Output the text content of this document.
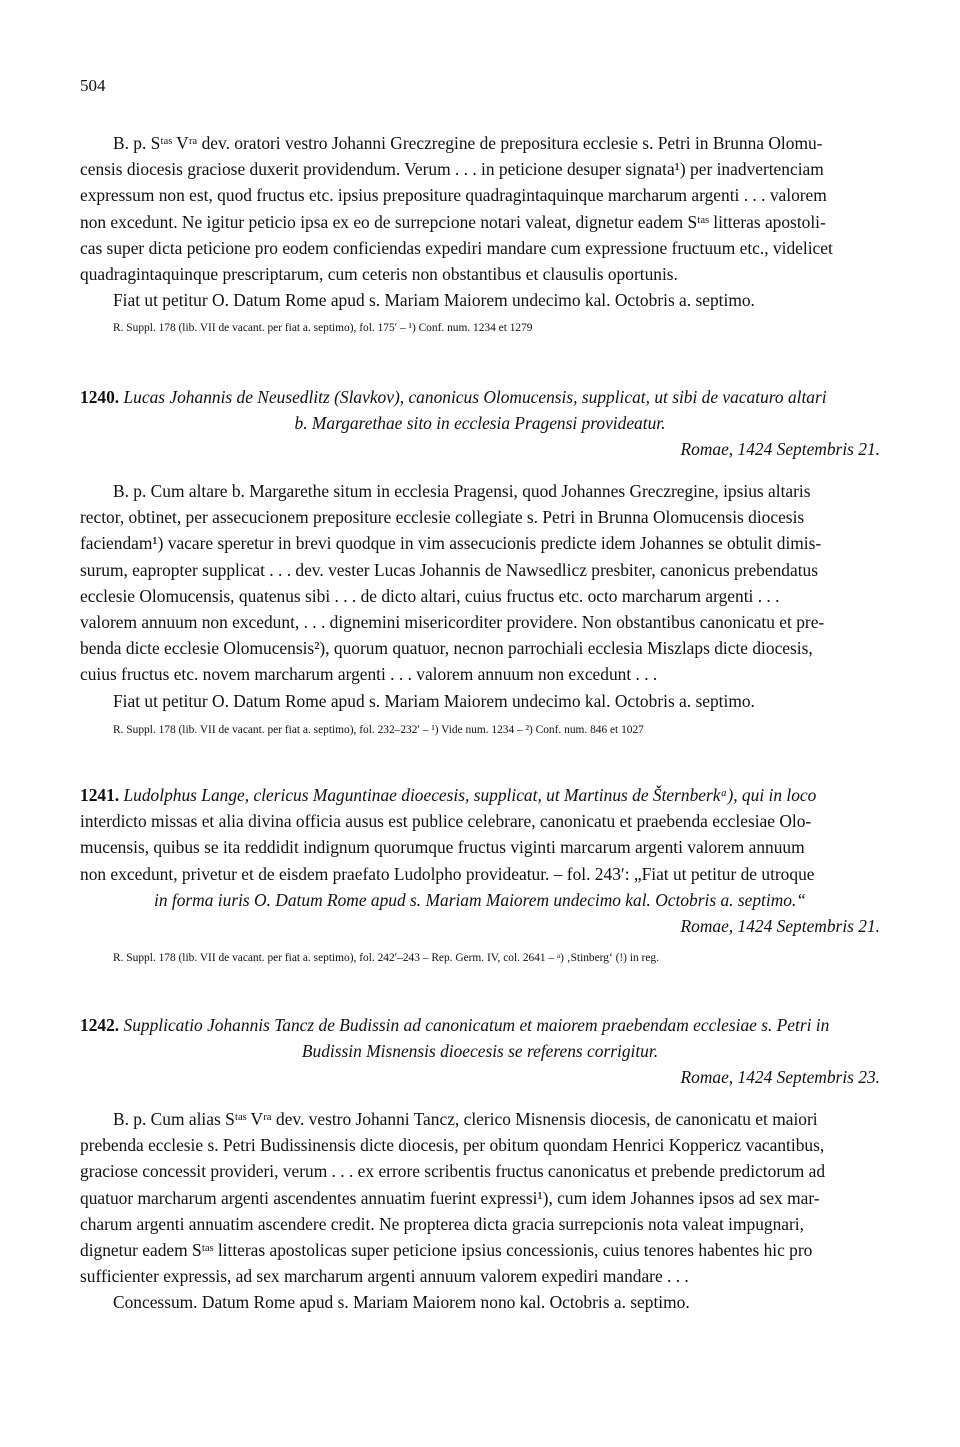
504

B. p. Sᵗᵃˢ Vʳᵃ dev. oratori vestro Johanni Greczregine de prepositura ecclesie s. Petri in Brunna Olomu-

censis diocesis graciose duxerit providendum. Verum . . . in peticione desuper signata¹) per inadvertenciam

expressum non est, quod fructus etc. ipsius prepositure quadragintaquinque marcharum argenti . . . valorem

non excedunt. Ne igitur peticio ipsa ex eo de surrepcione notari valeat, dignetur eadem Sᵗᵃˢ litteras apostoli-

cas super dicta peticione pro eodem conficiendas expediri mandare cum expressione fructuum etc., videlicet

quadragintaquinque prescriptarum, cum ceteris non obstantibus et clausulis oportunis.

Fiat ut petitur O. Datum Rome apud s. Mariam Maiorem undecimo kal. Octobris a. septimo.

R. Suppl. 178 (lib. VII de vacant. per fiat a. septimo), fol. 175ʹ – ¹) Conf. num. 1234 et 1279

1240. Lucas Johannis de Neusedlitz (Slavkov), canonicus Olomucensis, supplicat, ut sibi de vacaturo altari

b. Margarethae sito in ecclesia Pragensi provideatur.

Romae, 1424 Septembris 21.

B. p. Cum altare b. Margarethe situm in ecclesia Pragensi, quod Johannes Greczregine, ipsius altaris

rector, obtinet, per assecucionem prepositure ecclesie collegiate s. Petri in Brunna Olomucensis diocesis

faciendam¹) vacare speretur in brevi quodque in vim assecucionis predicte idem Johannes se obtulit dimis-

surum, eapropter supplicat . . . dev. vester Lucas Johannis de Nawsedlicz presbiter, canonicus prebendatus

ecclesie Olomucensis, quatenus sibi . . . de dicto altari, cuius fructus etc. octo marcharum argenti . . .

valorem annuum non excedunt, . . . dignemini misericorditer providere. Non obstantibus canonicatu et pre-

benda dicte ecclesie Olomucensis²), quorum quatuor, necnon parrochiali ecclesia Miszlaps dicte diocesis,

cuius fructus etc. novem marcharum argenti . . . valorem annuum non excedunt . . .

Fiat ut petitur O. Datum Rome apud s. Mariam Maiorem undecimo kal. Octobris a. septimo.

R. Suppl. 178 (lib. VII de vacant. per fiat a. septimo), fol. 232–232ʹ – ¹) Vide num. 1234 – ²) Conf. num. 846 et 1027

1241. Ludolphus Lange, clericus Maguntinae dioecesis, supplicat, ut Martinus de Šternberkᵃ), qui in loco

interdicto missas et alia divina officia ausus est publice celebrare, canonicatu et praebenda ecclesiae Olo-

mucensis, quibus se ita reddidit indignum quorumque fructus viginti marcarum argenti valorem annuum

non excedunt, privetur et de eisdem praefato Ludolpho provideatur. – fol. 243ʹ: „Fiat ut petitur de utroque

in forma iuris O. Datum Rome apud s. Mariam Maiorem undecimo kal. Octobris a. septimo.“

Romae, 1424 Septembris 21.

R. Suppl. 178 (lib. VII de vacant. per fiat a. septimo), fol. 242ʹ–243 – Rep. Germ. IV, col. 2641 – ᵃ) ‚Stinberg‘ (!) in reg.

1242. Supplicatio Johannis Tancz de Budissin ad canonicatum et maiorem praebendam ecclesiae s. Petri in

Budissin Misnensis dioecesis se referens corrigitur.

Romae, 1424 Septembris 23.

B. p. Cum alias Sᵗᵃˢ Vʳᵃ dev. vestro Johanni Tancz, clerico Misnensis diocesis, de canonicatu et maiori

prebenda ecclesie s. Petri Budissinensis dicte diocesis, per obitum quondam Henrici Koppericz vacantibus,

graciose concessit provideri, verum . . . ex errore scribentis fructus canonicatus et prebende predictorum ad

quatuor marcharum argenti ascendentes annuatim fuerint expressi¹), cum idem Johannes ipsos ad sex mar-

charum argenti annuatim ascendere credit. Ne propterea dicta gracia surrepcionis nota valeat impugnari,

dignetur eadem Sᵗᵃˢ litteras apostolicas super peticione ipsius concessionis, cuius tenores habentes hic pro

sufficienter expressis, ad sex marcharum argenti annuum valorem expediri mandare . . .

Concessum. Datum Rome apud s. Mariam Maiorem nono kal. Octobris a. septimo.
